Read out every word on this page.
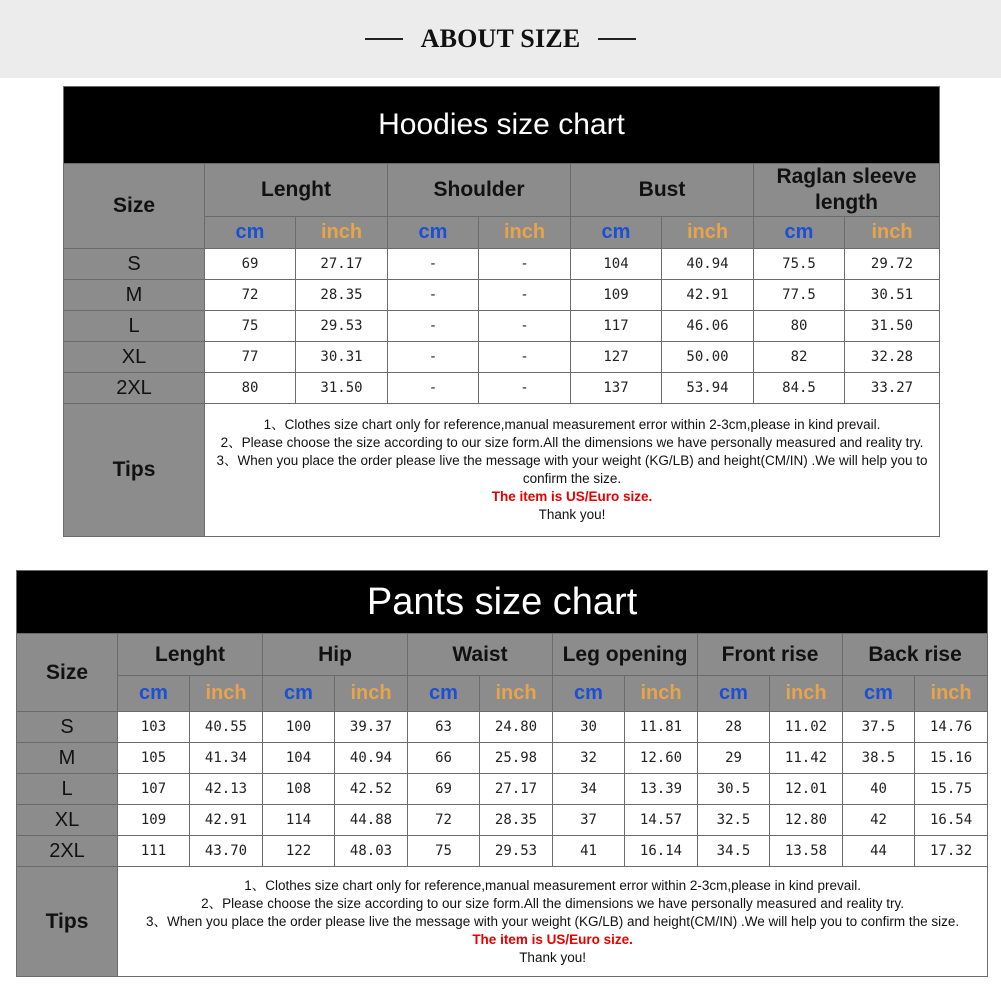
ABOUT SIZE
Hoodies size chart								
Size	Lenght		Shoulder		Bust		Raglan sleeve length	
	cm	inch	cm	inch	cm	inch	cm	inch
S	69	27.17	-	-	104	40.94	75.5	29.72
M	72	28.35	-	-	109	42.91	77.5	30.51
L	75	29.53	-	-	117	46.06	80	31.50
XL	77	30.31	-	-	127	50.00	82	32.28
2XL	80	31.50	-	-	137	53.94	84.5	33.27
Tips	1、Clothes size chart only for reference,manual measurement error within 2-3cm,please in kind prevail.
2、Please choose the size according to our size form.All the dimensions we have personally measured and reality try.
3、When you place the order please live the message with your weight (KG/LB) and height(CM/IN) .We will help you to confirm the size.
The item is US/Euro size.
Thank you!							
Pants size chart												
Size	Lenght		Hip		Waist		Leg opening		Front rise		Back rise	
	cm	inch	cm	inch	cm	inch	cm	inch	cm	inch	cm	inch
S	103	40.55	100	39.37	63	24.80	30	11.81	28	11.02	37.5	14.76
M	105	41.34	104	40.94	66	25.98	32	12.60	29	11.42	38.5	15.16
L	107	42.13	108	42.52	69	27.17	34	13.39	30.5	12.01	40	15.75
XL	109	42.91	114	44.88	72	28.35	37	14.57	32.5	12.80	42	16.54
2XL	111	43.70	122	48.03	75	29.53	41	16.14	34.5	13.58	44	17.32
Tips	1、Clothes size chart only for reference,manual measurement error within 2-3cm,please in kind prevail.
2、Please choose the size according to our size form.All the dimensions we have personally measured and reality try.
3、When you place the order please live the message with your weight (KG/LB) and height(CM/IN) .We will help you to confirm the size.
The item is US/Euro size.
Thank you!											
